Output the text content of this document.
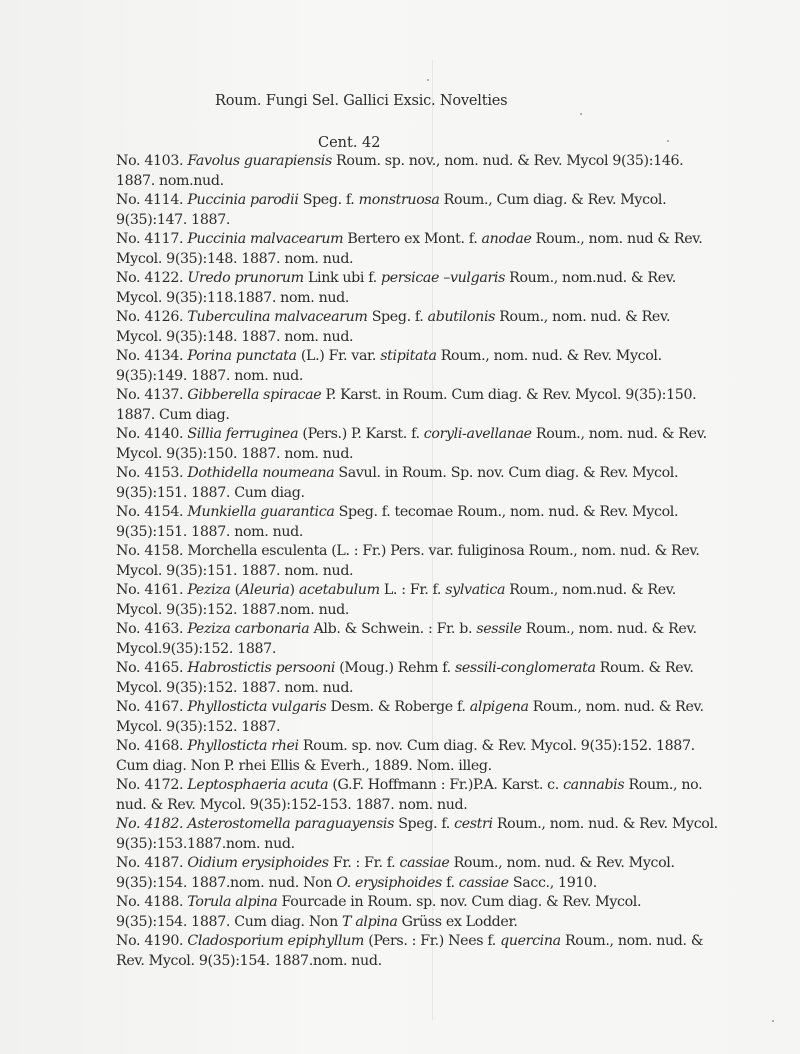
Roum. Fungi Sel. Gallici Exsic. Novelties
Cent. 42
No. 4103. Favolus guarapiensis Roum. sp. nov., nom. nud. & Rev. Mycol 9(35):146.
1887. nom.nud.
No. 4114. Puccinia parodii Speg. f. monstruosa Roum., Cum diag. & Rev. Mycol.
9(35):147. 1887.
No. 4117. Puccinia malvacearum Bertero ex Mont. f. anodae Roum., nom. nud & Rev.
Mycol. 9(35):148. 1887. nom. nud.
No. 4122. Uredo prunorum Link ubi f. persicae –vulgaris Roum., nom.nud. & Rev.
Mycol. 9(35):118.1887. nom. nud.
No. 4126. Tuberculina malvacearum Speg. f. abutilonis Roum., nom. nud. & Rev.
Mycol. 9(35):148. 1887. nom. nud.
No. 4134. Porina punctata (L.) Fr. var. stipitata Roum., nom. nud. & Rev. Mycol.
9(35):149. 1887. nom. nud.
No. 4137. Gibberella spiracae P. Karst. in Roum. Cum diag. & Rev. Mycol. 9(35):150.
1887. Cum diag.
No. 4140. Sillia ferruginea (Pers.) P. Karst. f. coryli-avellanae Roum., nom. nud. & Rev.
Mycol. 9(35):150. 1887. nom. nud.
No. 4153. Dothidella noumeana Savul. in Roum. Sp. nov. Cum diag. & Rev. Mycol.
9(35):151. 1887. Cum diag.
No. 4154. Munkiella guarantica Speg. f. tecomae Roum., nom. nud. & Rev. Mycol.
9(35):151. 1887. nom. nud.
No. 4158. Morchella esculenta (L. : Fr.) Pers. var. fuliginosa Roum., nom. nud. & Rev.
Mycol. 9(35):151. 1887. nom. nud.
No. 4161. Peziza (Aleuria) acetabulum L. : Fr. f. sylvatica Roum., nom.nud. & Rev.
Mycol. 9(35):152. 1887.nom. nud.
No. 4163. Peziza carbonaria Alb. & Schwein. : Fr. b. sessile Roum., nom. nud. & Rev.
Mycol.9(35):152. 1887.
No. 4165. Habrostictis persooni (Moug.) Rehm f. sessili-conglomerata Roum. & Rev.
Mycol. 9(35):152. 1887. nom. nud.
No. 4167. Phyllosticta vulgaris Desm. & Roberge f. alpigena Roum., nom. nud. & Rev.
Mycol. 9(35):152. 1887.
No. 4168. Phyllosticta rhei Roum. sp. nov. Cum diag. & Rev. Mycol. 9(35):152. 1887.
Cum diag. Non P. rhei Ellis & Everh., 1889. Nom. illeg.
No. 4172. Leptosphaeria acuta (G.F. Hoffmann : Fr.)P.A. Karst. c. cannabis Roum., no.
nud. & Rev. Mycol. 9(35):152-153. 1887. nom. nud.
No. 4182. Asterostomella paraguayensis Speg. f. cestri Roum., nom. nud. & Rev. Mycol.
9(35):153.1887.nom. nud.
No. 4187. Oidium erysiphoides Fr. : Fr. f. cassiae Roum., nom. nud. & Rev. Mycol.
9(35):154. 1887.nom. nud. Non O. erysiphoides f. cassiae Sacc., 1910.
No. 4188. Torula alpina Fourcade in Roum. sp. nov. Cum diag. & Rev. Mycol.
9(35):154. 1887. Cum diag. Non T alpina Grüss ex Lodder.
No. 4190. Cladosporium epiphyllum (Pers. : Fr.) Nees f. quercina Roum., nom. nud. &
Rev. Mycol. 9(35):154. 1887.nom. nud.
